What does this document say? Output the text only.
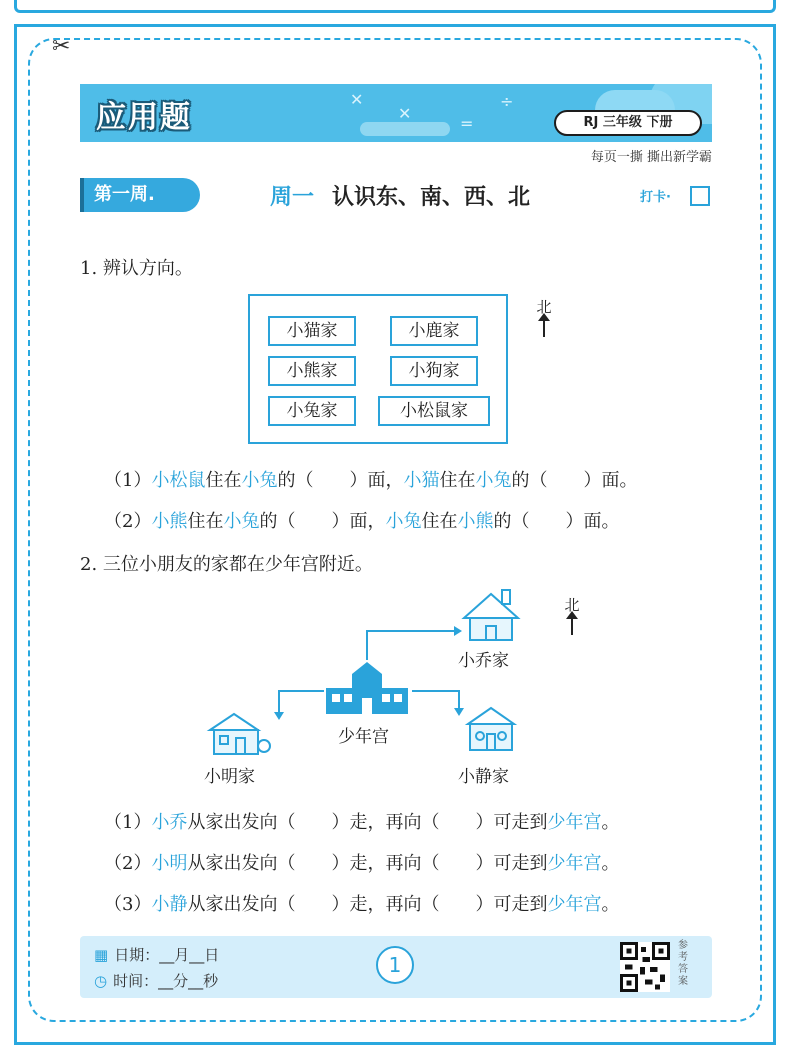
✂
✕
✕
=
÷
应用题	RJ 三年级 下册
每页一撕 撕出新学霸
第一周.	周一 认识东、南、西、北	打卡·
1. 辨认方向。
小猫家	小鹿家
小熊家	小狗家
小兔家	小松鼠家
北
（1）小松鼠住在小兔的（　　）面，小猫住在小兔的（　　）面。
（2）小熊住在小兔的（　　）面，小兔住在小熊的（　　）面。
2. 三位小朋友的家都在少年宫附近。
北
小乔家
少年宫
小明家	小静家
（1）小乔从家出发向（　　）走，再向（　　）可走到少年宫。
（2）小明从家出发向（　　）走，再向（　　）可走到少年宫。
（3）小静从家出发向（　　）走，再向（　　）可走到少年宫。
▦ 日期：__月__日
◷ 时间：__分__秒
1
参考答案
